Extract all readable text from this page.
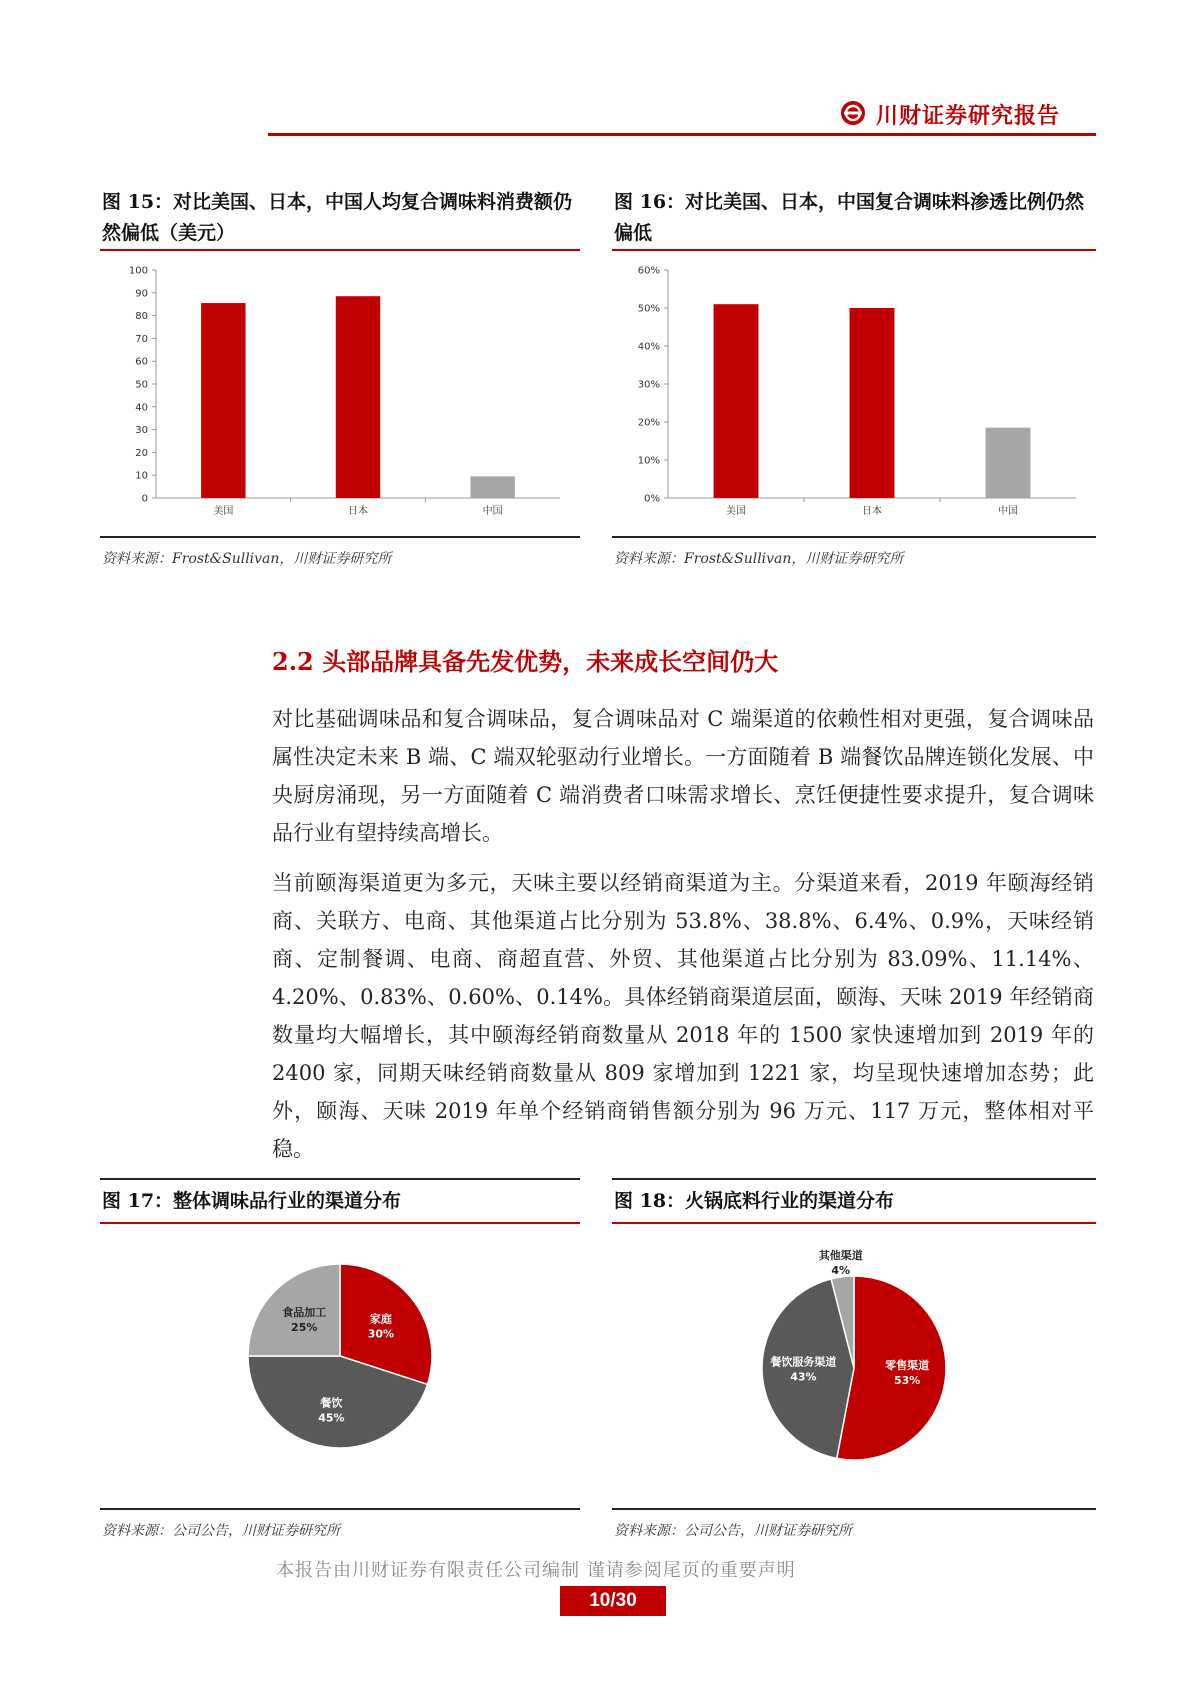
川财证券研究报告
图 15：对比美国、日本，中国人均复合调味料消费额仍然偏低（美元）
0
10
20
30
40
50
60
70
80
90
100
美国	日本	中国
资料来源：Frost&Sullivan，川财证券研究所
图 16：对比美国、日本，中国复合调味料渗透比例仍然偏低
0%
10%
20%
30%
40%
50%
60%
美国	日本	中国
资料来源：Frost&Sullivan，川财证券研究所
2.2 头部品牌具备先发优势，未来成长空间仍大
对比基础调味品和复合调味品，复合调味品对 C 端渠道的依赖性相对更强，复合调味品属性决定未来 B 端、C 端双轮驱动行业增长。一方面随着 B 端餐饮品牌连锁化发展、中央厨房涌现，另一方面随着 C 端消费者口味需求增长、烹饪便捷性要求提升，复合调味品行业有望持续高增长。
当前颐海渠道更为多元，天味主要以经销商渠道为主。分渠道来看，2019 年颐海经销商、关联方、电商、其他渠道占比分别为 53.8%、38.8%、6.4%、0.9%，天味经销商、定制餐调、电商、商超直营、外贸、其他渠道占比分别为 83.09%、11.14%、4.20%、0.83%、0.60%、0.14%。具体经销商渠道层面，颐海、天味 2019 年经销商数量均大幅增长，其中颐海经销商数量从 2018 年的 1500 家快速增加到 2019 年的 2400 家，同期天味经销商数量从 809 家增加到 1221 家，均呈现快速增加态势；此外，颐海、天味 2019 年单个经销商销售额分别为 96 万元、117 万元，整体相对平稳。
图 17：整体调味品行业的渠道分布
家庭
30%
餐饮
45%
食品加工
25%
资料来源：公司公告，川财证券研究所
图 18：火锅底料行业的渠道分布
零售渠道
53%
餐饮服务渠道
43%
其他渠道
4%
资料来源：公司公告，川财证券研究所
本报告由川财证券有限责任公司编制 谨请参阅尾页的重要声明
10/30
